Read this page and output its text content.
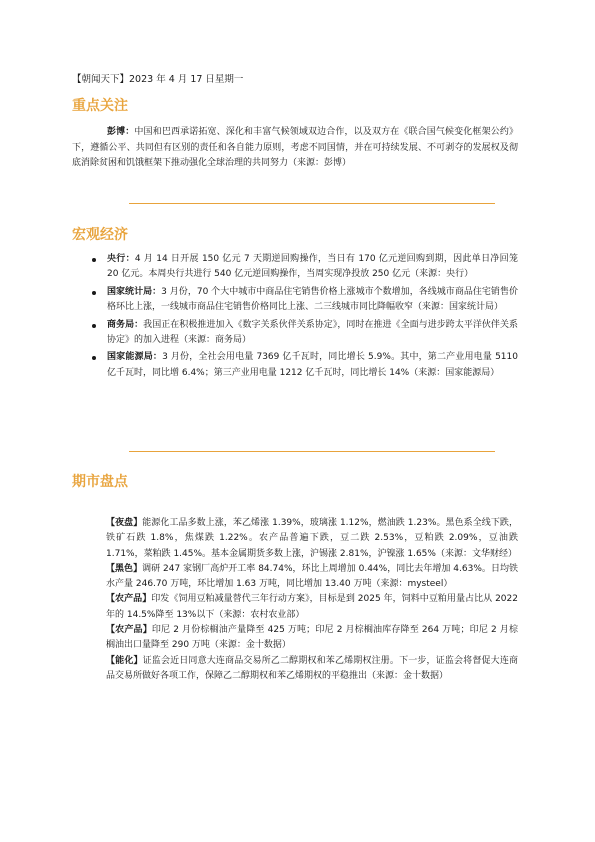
【朝闻天下】2023 年 4 月 17 日星期一
重点关注
彭博：中国和巴西承诺拓宽、深化和丰富气候领域双边合作，以及双方在《联合国气候变化框架公约》下，遵循公平、共同但有区别的责任和各自能力原则，考虑不同国情，并在可持续发展、不可剥夺的发展权及彻底消除贫困和饥饿框架下推动强化全球治理的共同努力（来源：彭博）
宏观经济
央行：4 月 14 日开展 150 亿元 7 天期逆回购操作，当日有 170 亿元逆回购到期，因此单日净回笼 20 亿元。本周央行共进行 540 亿元逆回购操作，当周实现净投放 250 亿元（来源：央行）
国家统计局：3 月份，70 个大中城市中商品住宅销售价格上涨城市个数增加，各线城市商品住宅销售价格环比上涨，一线城市商品住宅销售价格同比上涨、二三线城市同比降幅收窄（来源：国家统计局）
商务局：我国正在积极推进加入《数字关系伙伴关系协定》，同时在推进《全面与进步跨太平洋伙伴关系协定》的加入进程（来源：商务局）
国家能源局：3 月份，全社会用电量 7369 亿千瓦时，同比增长 5.9%。其中，第二产业用电量 5110 亿千瓦时，同比增 6.4%；第三产业用电量 1212 亿千瓦时，同比增长 14%（来源：国家能源局）
期市盘点

【夜盘】能源化工品多数上涨，苯乙烯涨 1.39%，玻璃涨 1.12%，燃油跌 1.23%。黑色系全线下跌，铁矿石跌 1.8%，焦煤跌 1.22%。农产品普遍下跌，豆二跌 2.53%，豆粕跌 2.09%，豆油跌 1.71%，菜粕跌 1.45%。基本金属期货多数上涨，沪锡涨 2.81%，沪镍涨 1.65%（来源：文华财经）

【黑色】调研 247 家钢厂高炉开工率 84.74%，环比上周增加 0.44%，同比去年增加 4.63%。日均铁水产量 246.70 万吨，环比增加 1.63 万吨，同比增加 13.40 万吨（来源：mysteel）

【农产品】印发《饲用豆粕减量替代三年行动方案》，目标是到 2025 年，饲料中豆粕用量占比从 2022 年的 14.5%降至 13%以下（来源：农村农业部）

【农产品】印尼 2 月份棕榈油产量降至 425 万吨；印尼 2 月棕榈油库存降至 264 万吨；印尼 2 月棕榈油出口量降至 290 万吨（来源：金十数据）

【能化】证监会近日同意大连商品交易所乙二醇期权和苯乙烯期权注册。下一步，证监会将督促大连商品交易所做好各项工作，保障乙二醇期权和苯乙烯期权的平稳推出（来源：金十数据）
